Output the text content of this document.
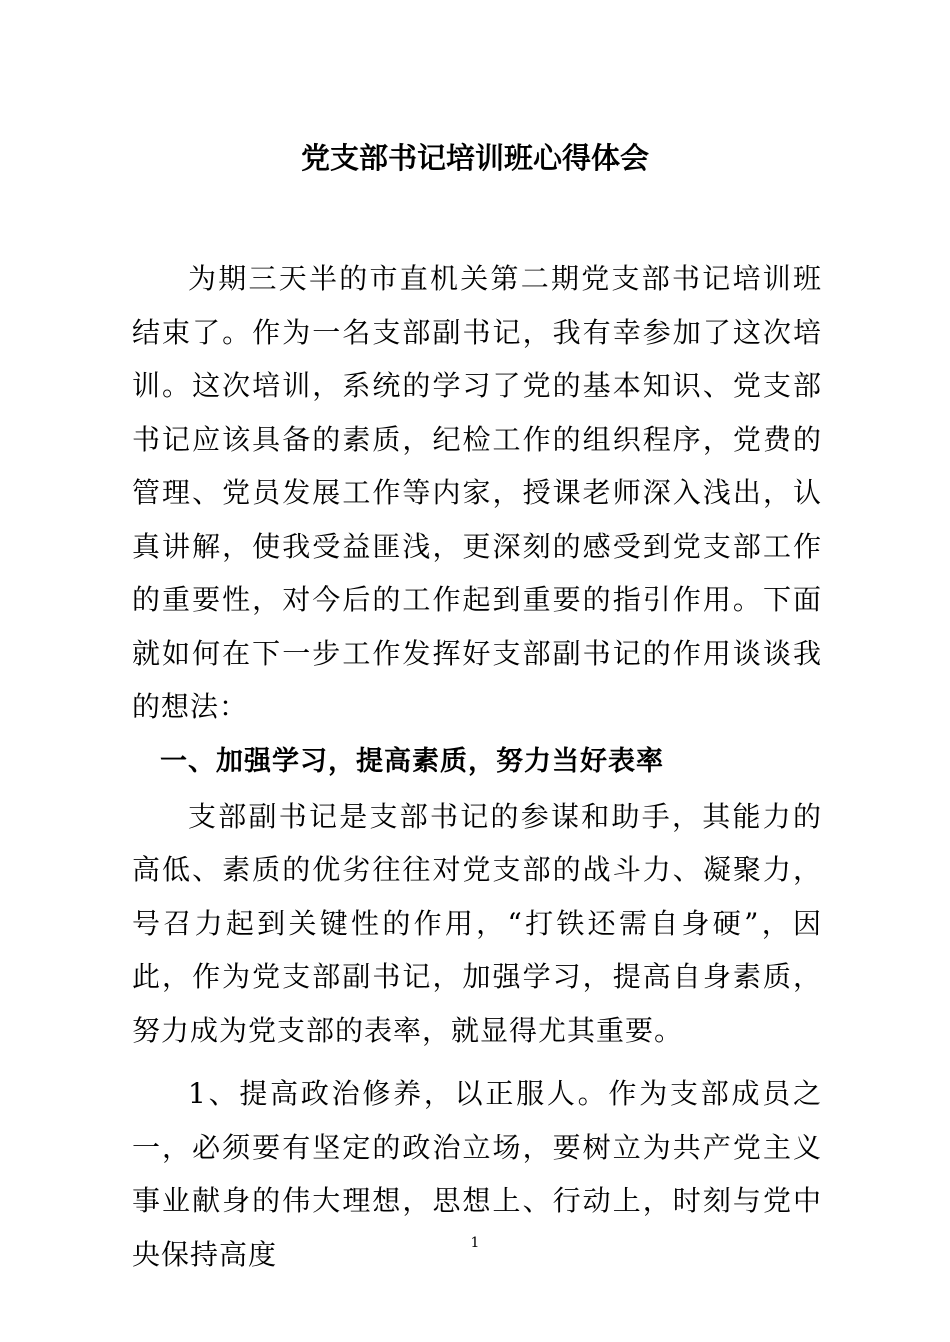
党支部书记培训班心得体会

为期三天半的市直机关第二期党支部书记培训班结束了。作为一名支部副书记，我有幸参加了这次培训。这次培训，系统的学习了党的基本知识、党支部书记应该具备的素质，纪检工作的组织程序，党费的管理、党员发展工作等内家，授课老师深入浅出，认真讲解，使我受益匪浅，更深刻的感受到党支部工作的重要性，对今后的工作起到重要的指引作用。下面就如何在下一步工作发挥好支部副书记的作用谈谈我的想法：

一、加强学习，提高素质，努力当好表率

支部副书记是支部书记的参谋和助手，其能力的高低、素质的优劣往往对党支部的战斗力、凝聚力，号召力起到关键性的作用，“打铁还需自身硬”，因此，作为党支部副书记，加强学习，提高自身素质，努力成为党支部的表率，就显得尤其重要。

1、提高政治修养，以正服人。作为支部成员之一，必须要有坚定的政治立场，要树立为共产党主义事业献身的伟大理想，思想上、行动上，时刻与党中央保持高度	1
